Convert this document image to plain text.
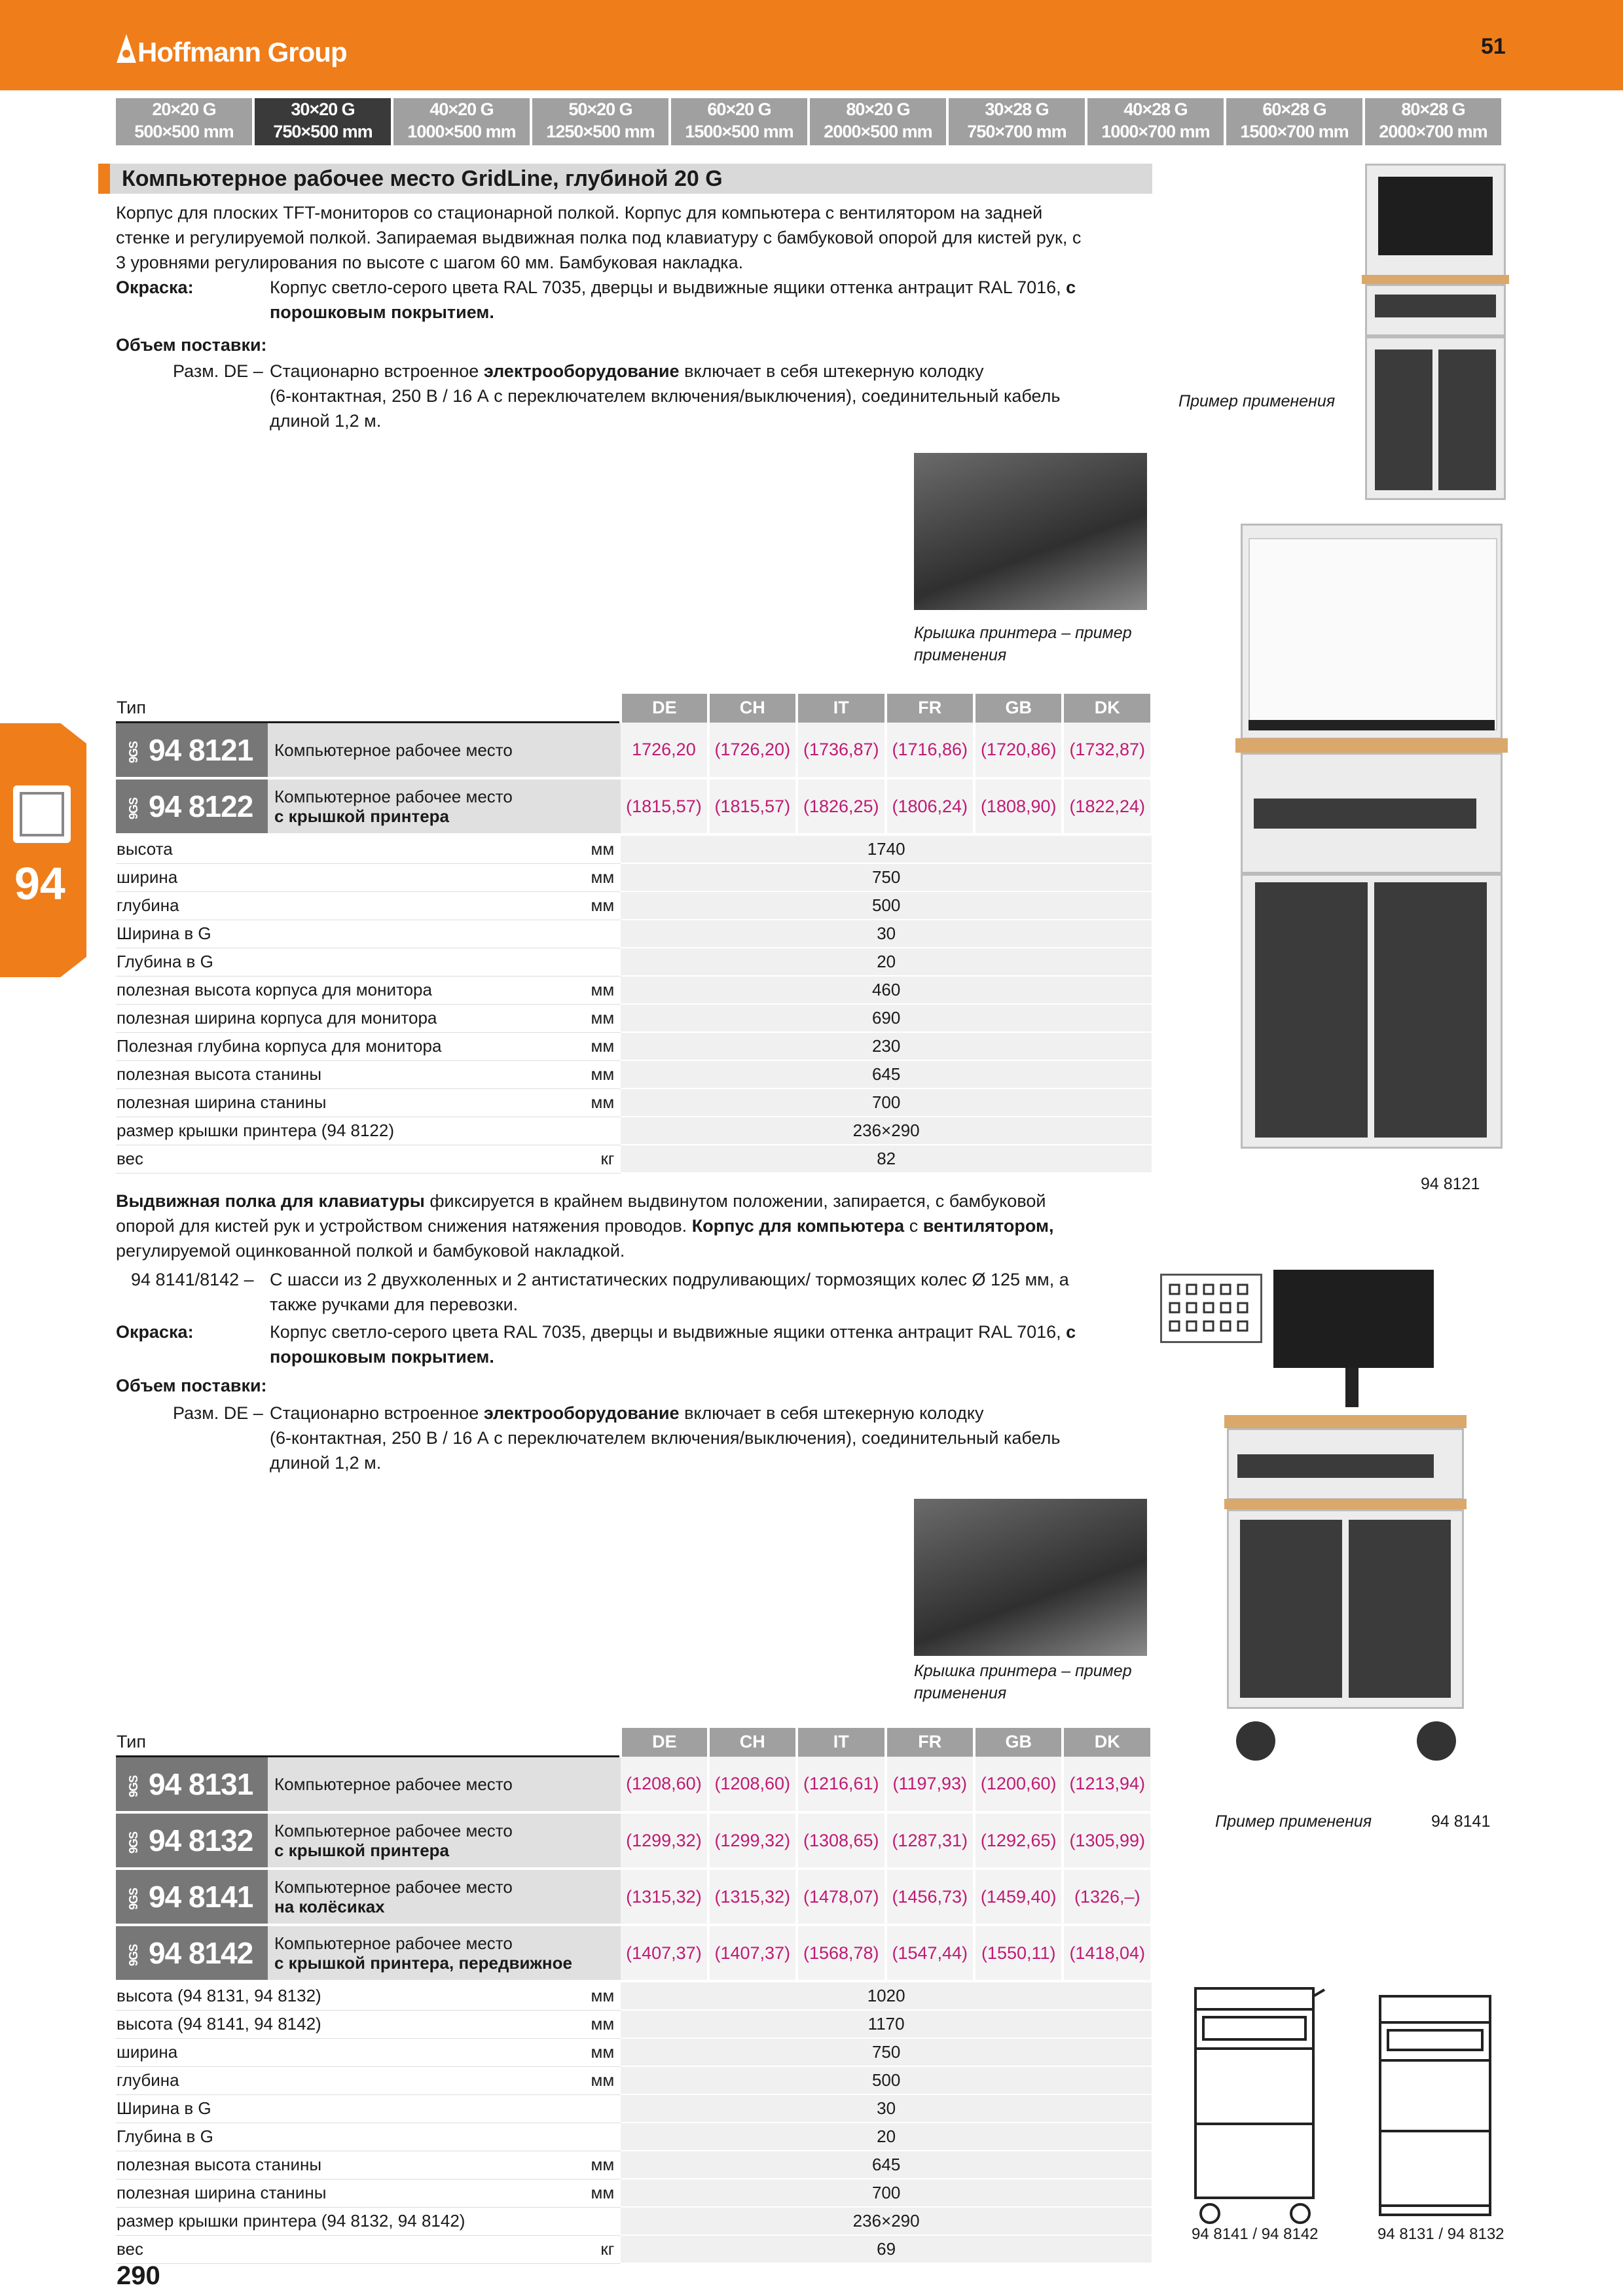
Hoffmann Group	51	RUE
20×20 G
500×500 mm
30×20 G
750×500 mm
40×20 G
1000×500 mm
50×20 G
1250×500 mm
60×20 G
1500×500 mm
80×20 G
2000×500 mm
30×28 G
750×700 mm
40×28 G
1000×700 mm
60×28 G
1500×700 mm
80×28 G
2000×700 mm
94
Компьютерное рабочее место GridLine, глубиной 20 G
Корпус для плоских TFT-мониторов со стационарной полкой. Корпус для компьютера с вентилятором на задней
стенке и регулируемой полкой. Запираемая выдвижная полка под клавиатуру с бамбуковой опорой для кистей рук, с
3 уровнями регулирования по высоте с шагом 60 мм. Бамбуковая накладка.
Окраска:	Корпус светло-серого цвета RAL 7035, дверцы и выдвижные ящики оттенка антрацит RAL 7016, с
порошковым покрытием.
Объем поставки:
Разм. DE – Стационарно встроенное электрооборудование включает в себя штекерную колодку
(6-контактная, 250 В / 16 А с переключателем включения/выключения), соединительный кабель
длиной 1,2 м.
Пример применения
Крышка принтера – пример
применения
94 8121
Тип			DE	CH	IT	FR	GB	DK
9GS 94 8121	Компьютерное рабочее место		1726,20	(1726,20)	(1736,87)	(1716,86)	(1720,86)	(1732,87)
9GS 94 8122	Компьютерное рабочее место
с крышкой принтера		(1815,57)	(1815,57)	(1826,25)	(1806,24)	(1808,90)	(1822,24)
высота		мм	1740					
ширина		мм	750					
глубина		мм	500					
Ширина в G			30					
Глубина в G			20					
полезная высота корпуса для монитора		мм	460					
полезная ширина корпуса для монитора		мм	690					
Полезная глубина корпуса для монитора		мм	230					
полезная высота станины		мм	645					
полезная ширина станины		мм	700					
размер крышки принтера (94 8122)			236×290					
вес		кг	82					
Выдвижная полка для клавиатуры фиксируется в крайнем выдвинутом положении, запирается, с бамбуковой
опорой для кистей рук и устройством снижения натяжения проводов. Корпус для компьютера с вентилятором,
регулируемой оцинкованной полкой и бамбуковой накладкой.
94 8141/8142 – С шасси из 2 двухколенных и 2 антистатических подруливающих/ тормозящих колес Ø 125 мм, а
также ручками для перевозки.
Окраска:	Корпус светло-серого цвета RAL 7035, дверцы и выдвижные ящики оттенка антрацит RAL 7016, с
порошковым покрытием.
Объем поставки:
Разм. DE – Стационарно встроенное электрооборудование включает в себя штекерную колодку
(6-контактная, 250 В / 16 А с переключателем включения/выключения), соединительный кабель
длиной 1,2 м.
Крышка принтера – пример
применения
Пример применения	94 8141
Тип			DE	CH	IT	FR	GB	DK
9GS 94 8131	Компьютерное рабочее место		(1208,60)	(1208,60)	(1216,61)	(1197,93)	(1200,60)	(1213,94)
9GS 94 8132	Компьютерное рабочее место
с крышкой принтера		(1299,32)	(1299,32)	(1308,65)	(1287,31)	(1292,65)	(1305,99)
9GS 94 8141	Компьютерное рабочее место
на колёсиках		(1315,32)	(1315,32)	(1478,07)	(1456,73)	(1459,40)	(1326,–)
9GS 94 8142	Компьютерное рабочее место
с крышкой принтера, передвижное		(1407,37)	(1407,37)	(1568,78)	(1547,44)	(1550,11)	(1418,04)
высота (94 8131, 94 8132)		мм	1020					
высота (94 8141, 94 8142)		мм	1170					
ширина		мм	750					
глубина		мм	500					
Ширина в G			30					
Глубина в G			20					
полезная высота станины		мм	645					
полезная ширина станины		мм	700					
размер крышки принтера (94 8132, 94 8142)			236×290					
вес		кг	69					
94 8141 / 94 8142	94 8131 / 94 8132
290
